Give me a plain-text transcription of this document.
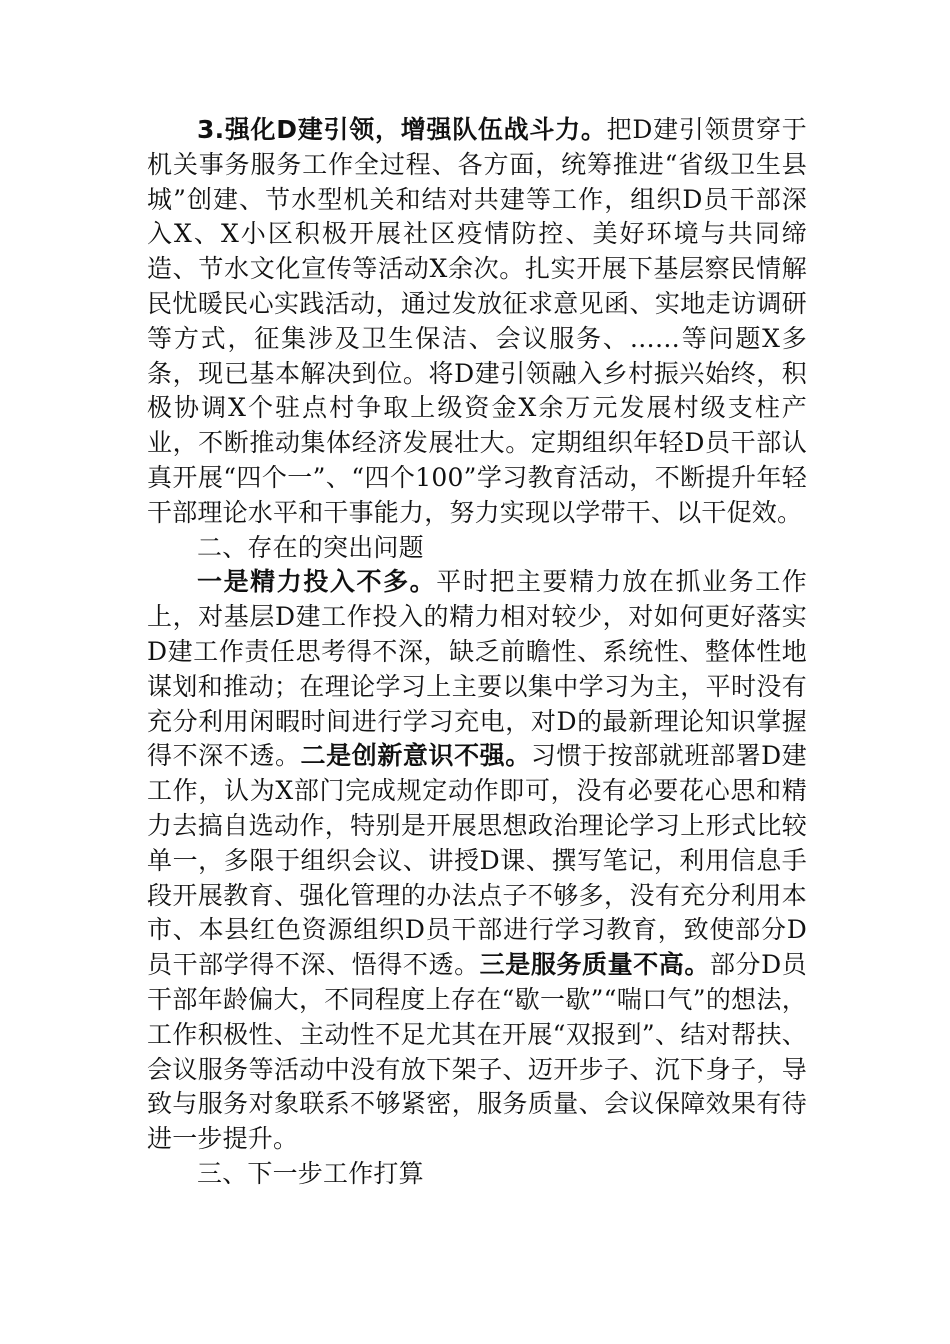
3.强化D建引领，增强队伍战斗力。把D建引领贯穿于机关事务服务工作全过程、各方面，统筹推进“省级卫生县城”创建、节水型机关和结对共建等工作，组织D员干部深入X、X小区积极开展社区疫情防控、美好环境与共同缔造、节水文化宣传等活动X余次。扎实开展下基层察民情解民忧暖民心实践活动，通过发放征求意见函、实地走访调研等方式，征集涉及卫生保洁、会议服务、……等问题X多条，现已基本解决到位。将D建引领融入乡村振兴始终，积极协调X个驻点村争取上级资金X余万元发展村级支柱产业，不断推动集体经济发展壮大。定期组织年轻D员干部认真开展“四个一”、“四个100”学习教育活动，不断提升年轻干部理论水平和干事能力，努力实现以学带干、以干促效。

二、存在的突出问题

一是精力投入不多。平时把主要精力放在抓业务工作上，对基层D建工作投入的精力相对较少，对如何更好落实D建工作责任思考得不深，缺乏前瞻性、系统性、整体性地谋划和推动；在理论学习上主要以集中学习为主，平时没有充分利用闲暇时间进行学习充电，对D的最新理论知识掌握得不深不透。二是创新意识不强。习惯于按部就班部署D建工作，认为X部门完成规定动作即可，没有必要花心思和精力去搞自选动作，特别是开展思想政治理论学习上形式比较单一，多限于组织会议、讲授D课、撰写笔记，利用信息手段开展教育、强化管理的办法点子不够多，没有充分利用本市、本县红色资源组织D员干部进行学习教育，致使部分D员干部学得不深、悟得不透。三是服务质量不高。部分D员干部年龄偏大，不同程度上存在“歇一歇”“喘口气”的想法，工作积极性、主动性不足尤其在开展“双报到”、结对帮扶、会议服务等活动中没有放下架子、迈开步子、沉下身子，导致与服务对象联系不够紧密，服务质量、会议保障效果有待进一步提升。

三、下一步工作打算
